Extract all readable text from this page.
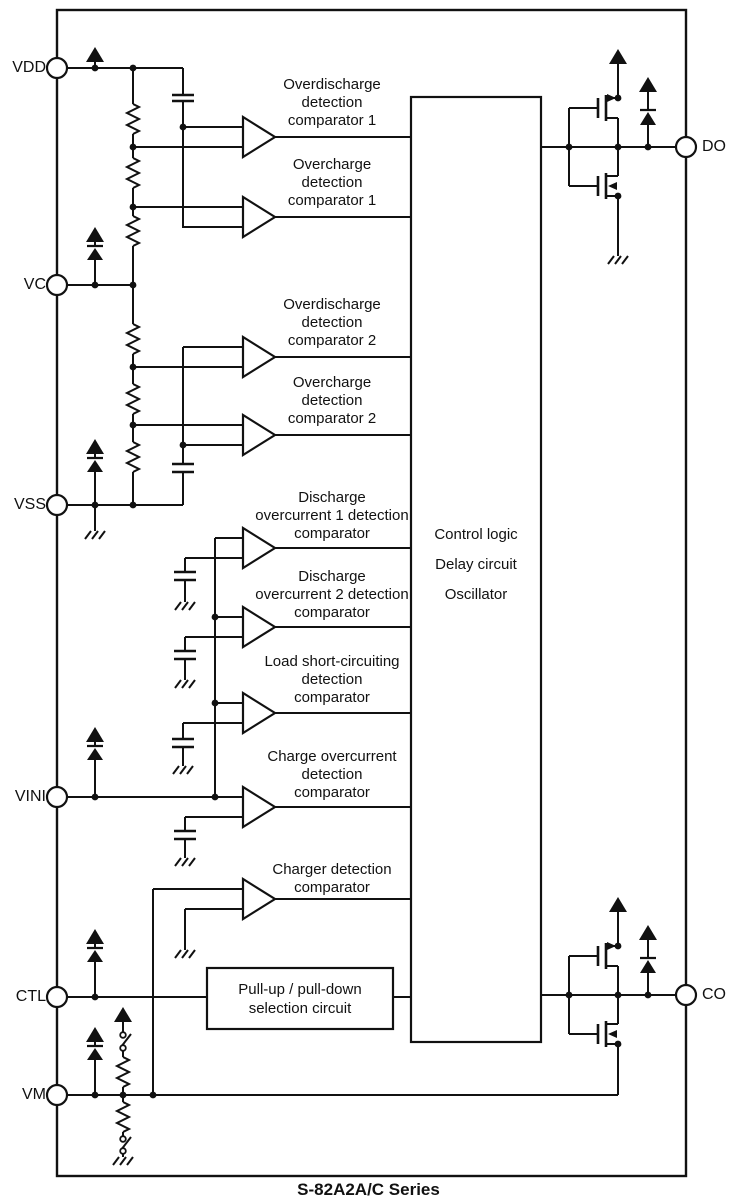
VDD
VC
VSS
VINI
CTL
VM
DO
CO
Overdischarge
detection
comparator 1
Overcharge
detection
comparator 1
Overdischarge
detection
comparator 2
Overcharge
detection
comparator 2
Discharge
overcurrent 1 detection
comparator
Discharge
overcurrent 2 detection
comparator
Load short-circuiting
detection
comparator
Charge overcurrent
detection
comparator
Charger detection
comparator
Control logic
Delay circuit
Oscillator
Pull-up / pull-down
selection circuit
S-82A2A/C Series
